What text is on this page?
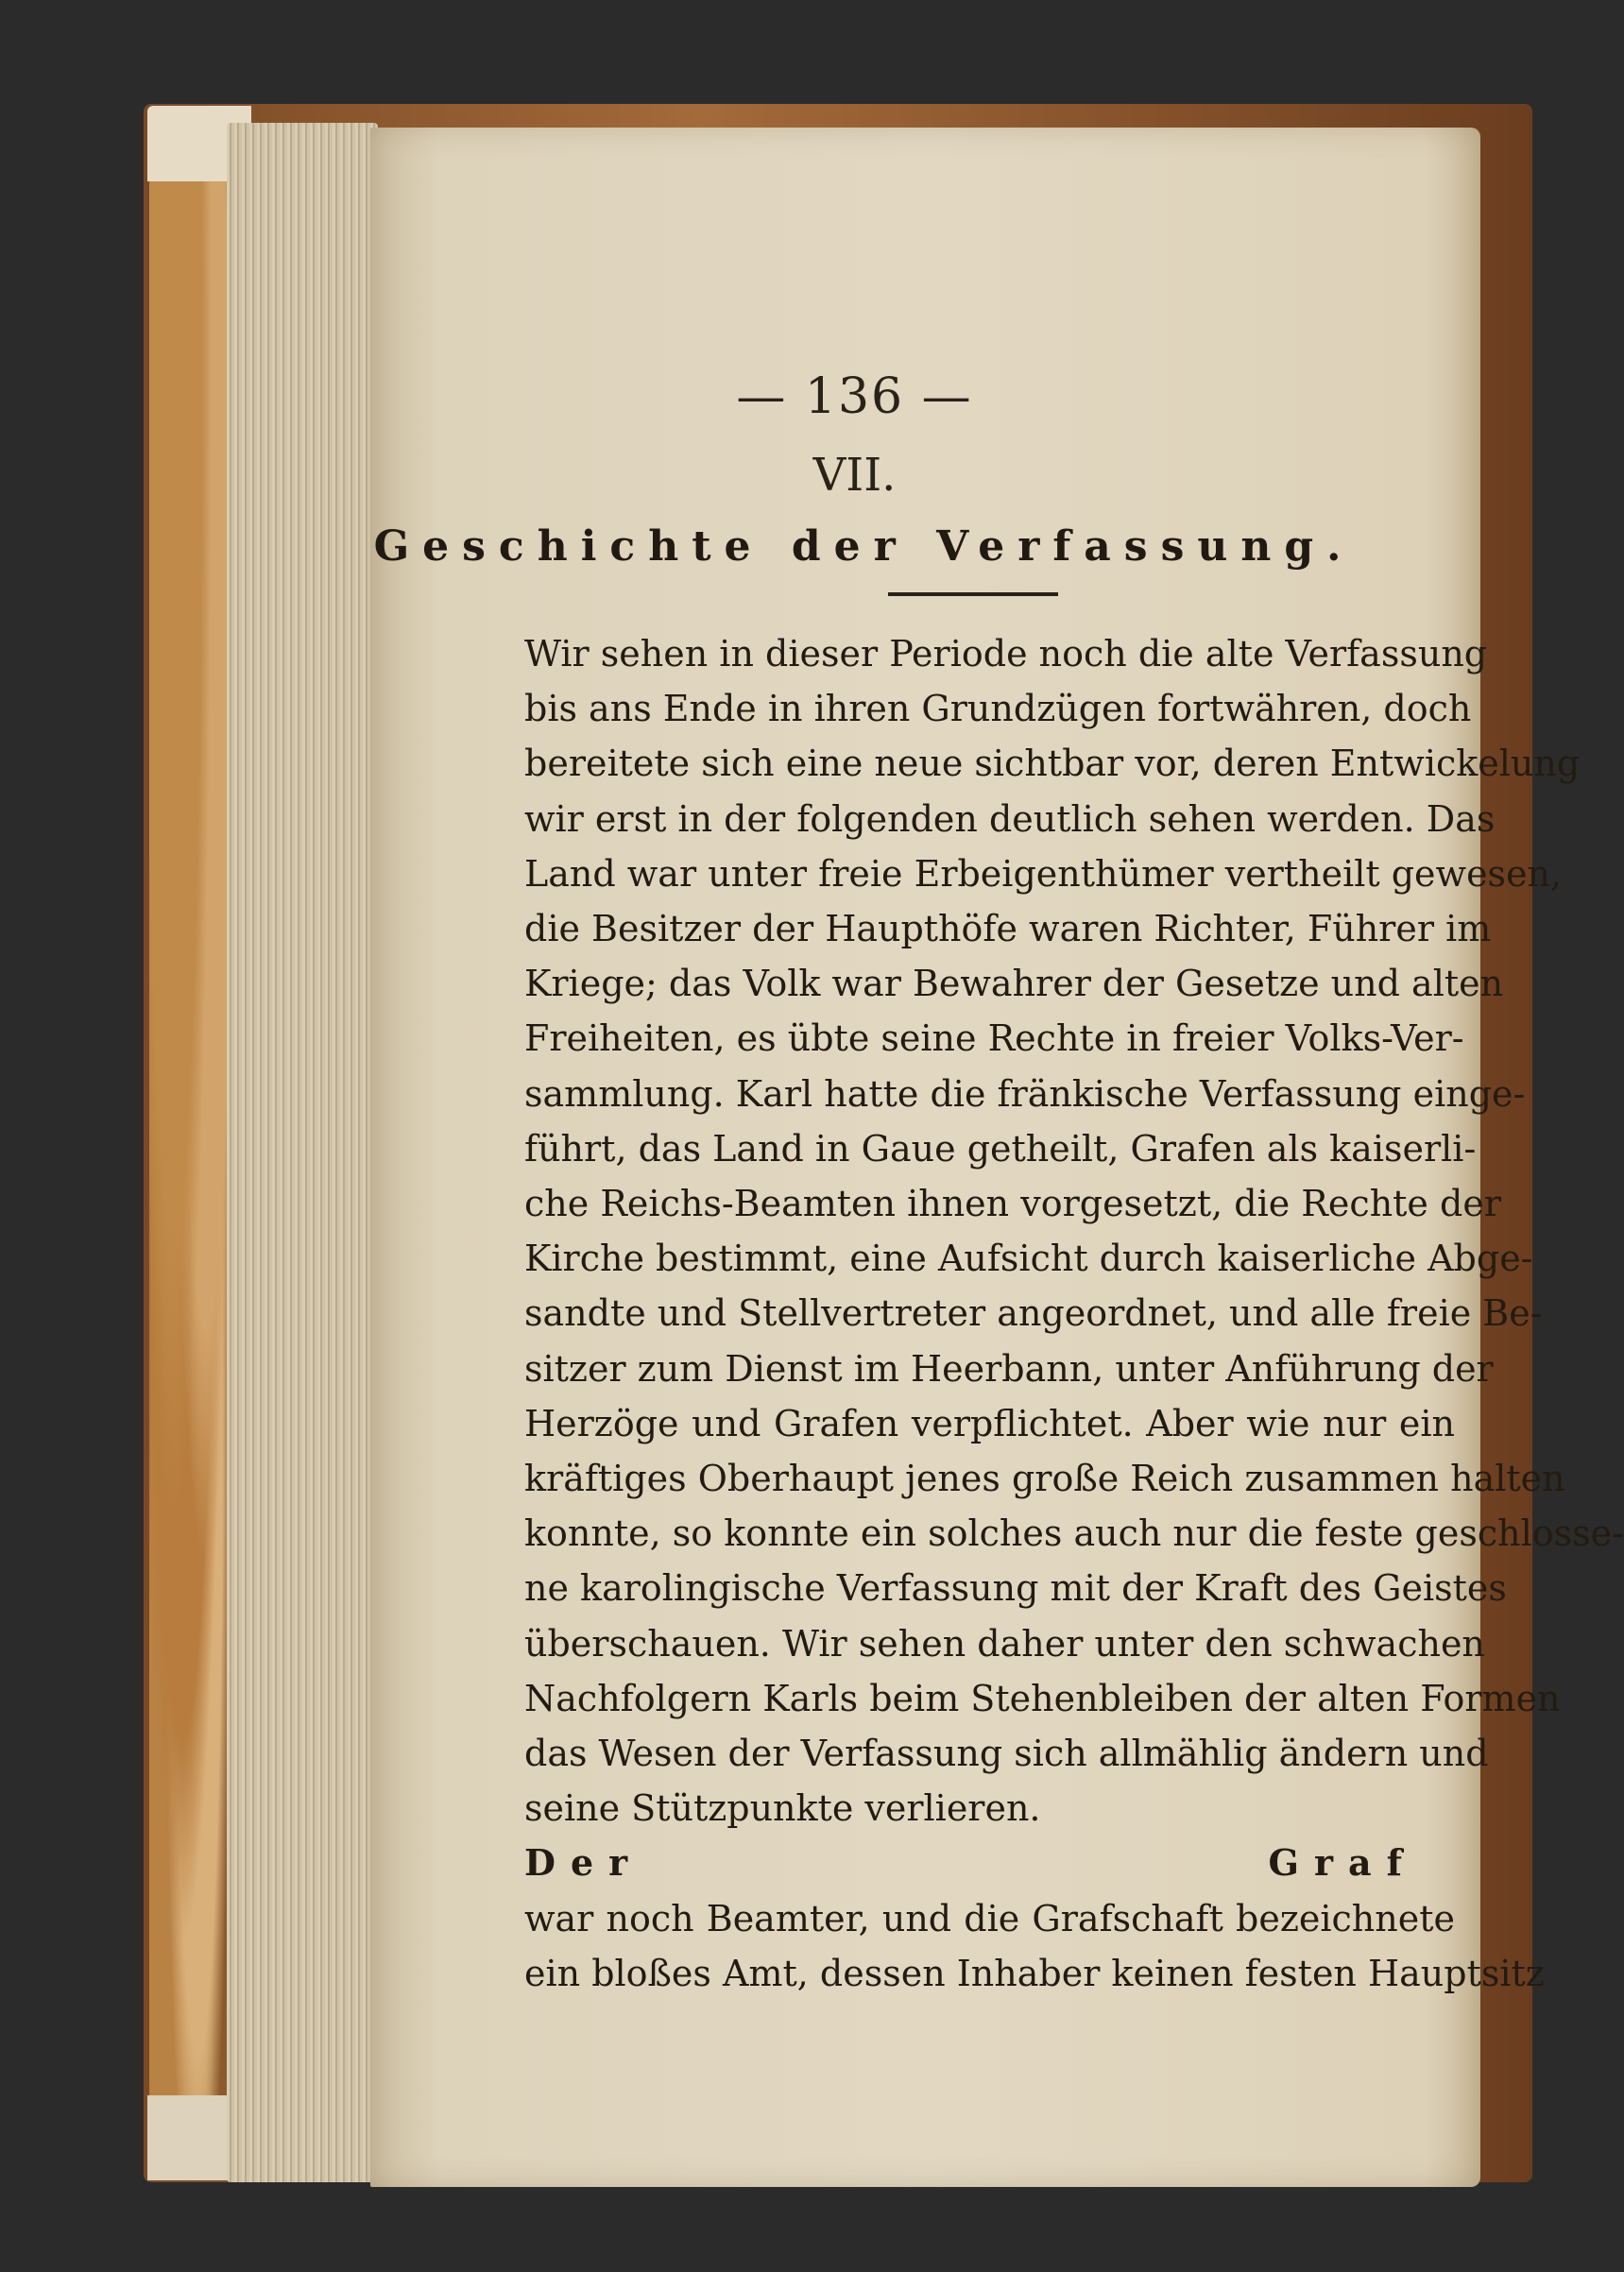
— 136 —
VII.
Geschichte der Verfassung.
Wir sehen in dieser Periode noch die alte Verfassung
bis ans Ende in ihren Grundzügen fortwähren, doch
bereitete sich eine neue sichtbar vor, deren Entwickelung
wir erst in der folgenden deutlich sehen werden. Das
Land war unter freie Erbeigenthümer vertheilt gewesen,
die Besitzer der Haupthöfe waren Richter, Führer im
Kriege; das Volk war Bewahrer der Gesetze und alten
Freiheiten, es übte seine Rechte in freier Volks-Ver-
sammlung. Karl hatte die fränkische Verfassung einge-
führt, das Land in Gaue getheilt, Grafen als kaiserli-
che Reichs-Beamten ihnen vorgesetzt, die Rechte der
Kirche bestimmt, eine Aufsicht durch kaiserliche Abge-
sandte und Stellvertreter angeordnet, und alle freie Be-
sitzer zum Dienst im Heerbann, unter Anführung der
Herzöge und Grafen verpflichtet. Aber wie nur ein
kräftiges Oberhaupt jenes große Reich zusammen halten
konnte, so konnte ein solches auch nur die feste geschlosse-
ne karolingische Verfassung mit der Kraft des Geistes
überschauen. Wir sehen daher unter den schwachen
Nachfolgern Karls beim Stehenbleiben der alten Formen
das Wesen der Verfassung sich allmählig ändern und
seine Stützpunkte verlieren.
Der Graf
war noch Beamter, und die Grafschaft bezeichnete
ein bloßes Amt, dessen Inhaber keinen festen Hauptsitz
